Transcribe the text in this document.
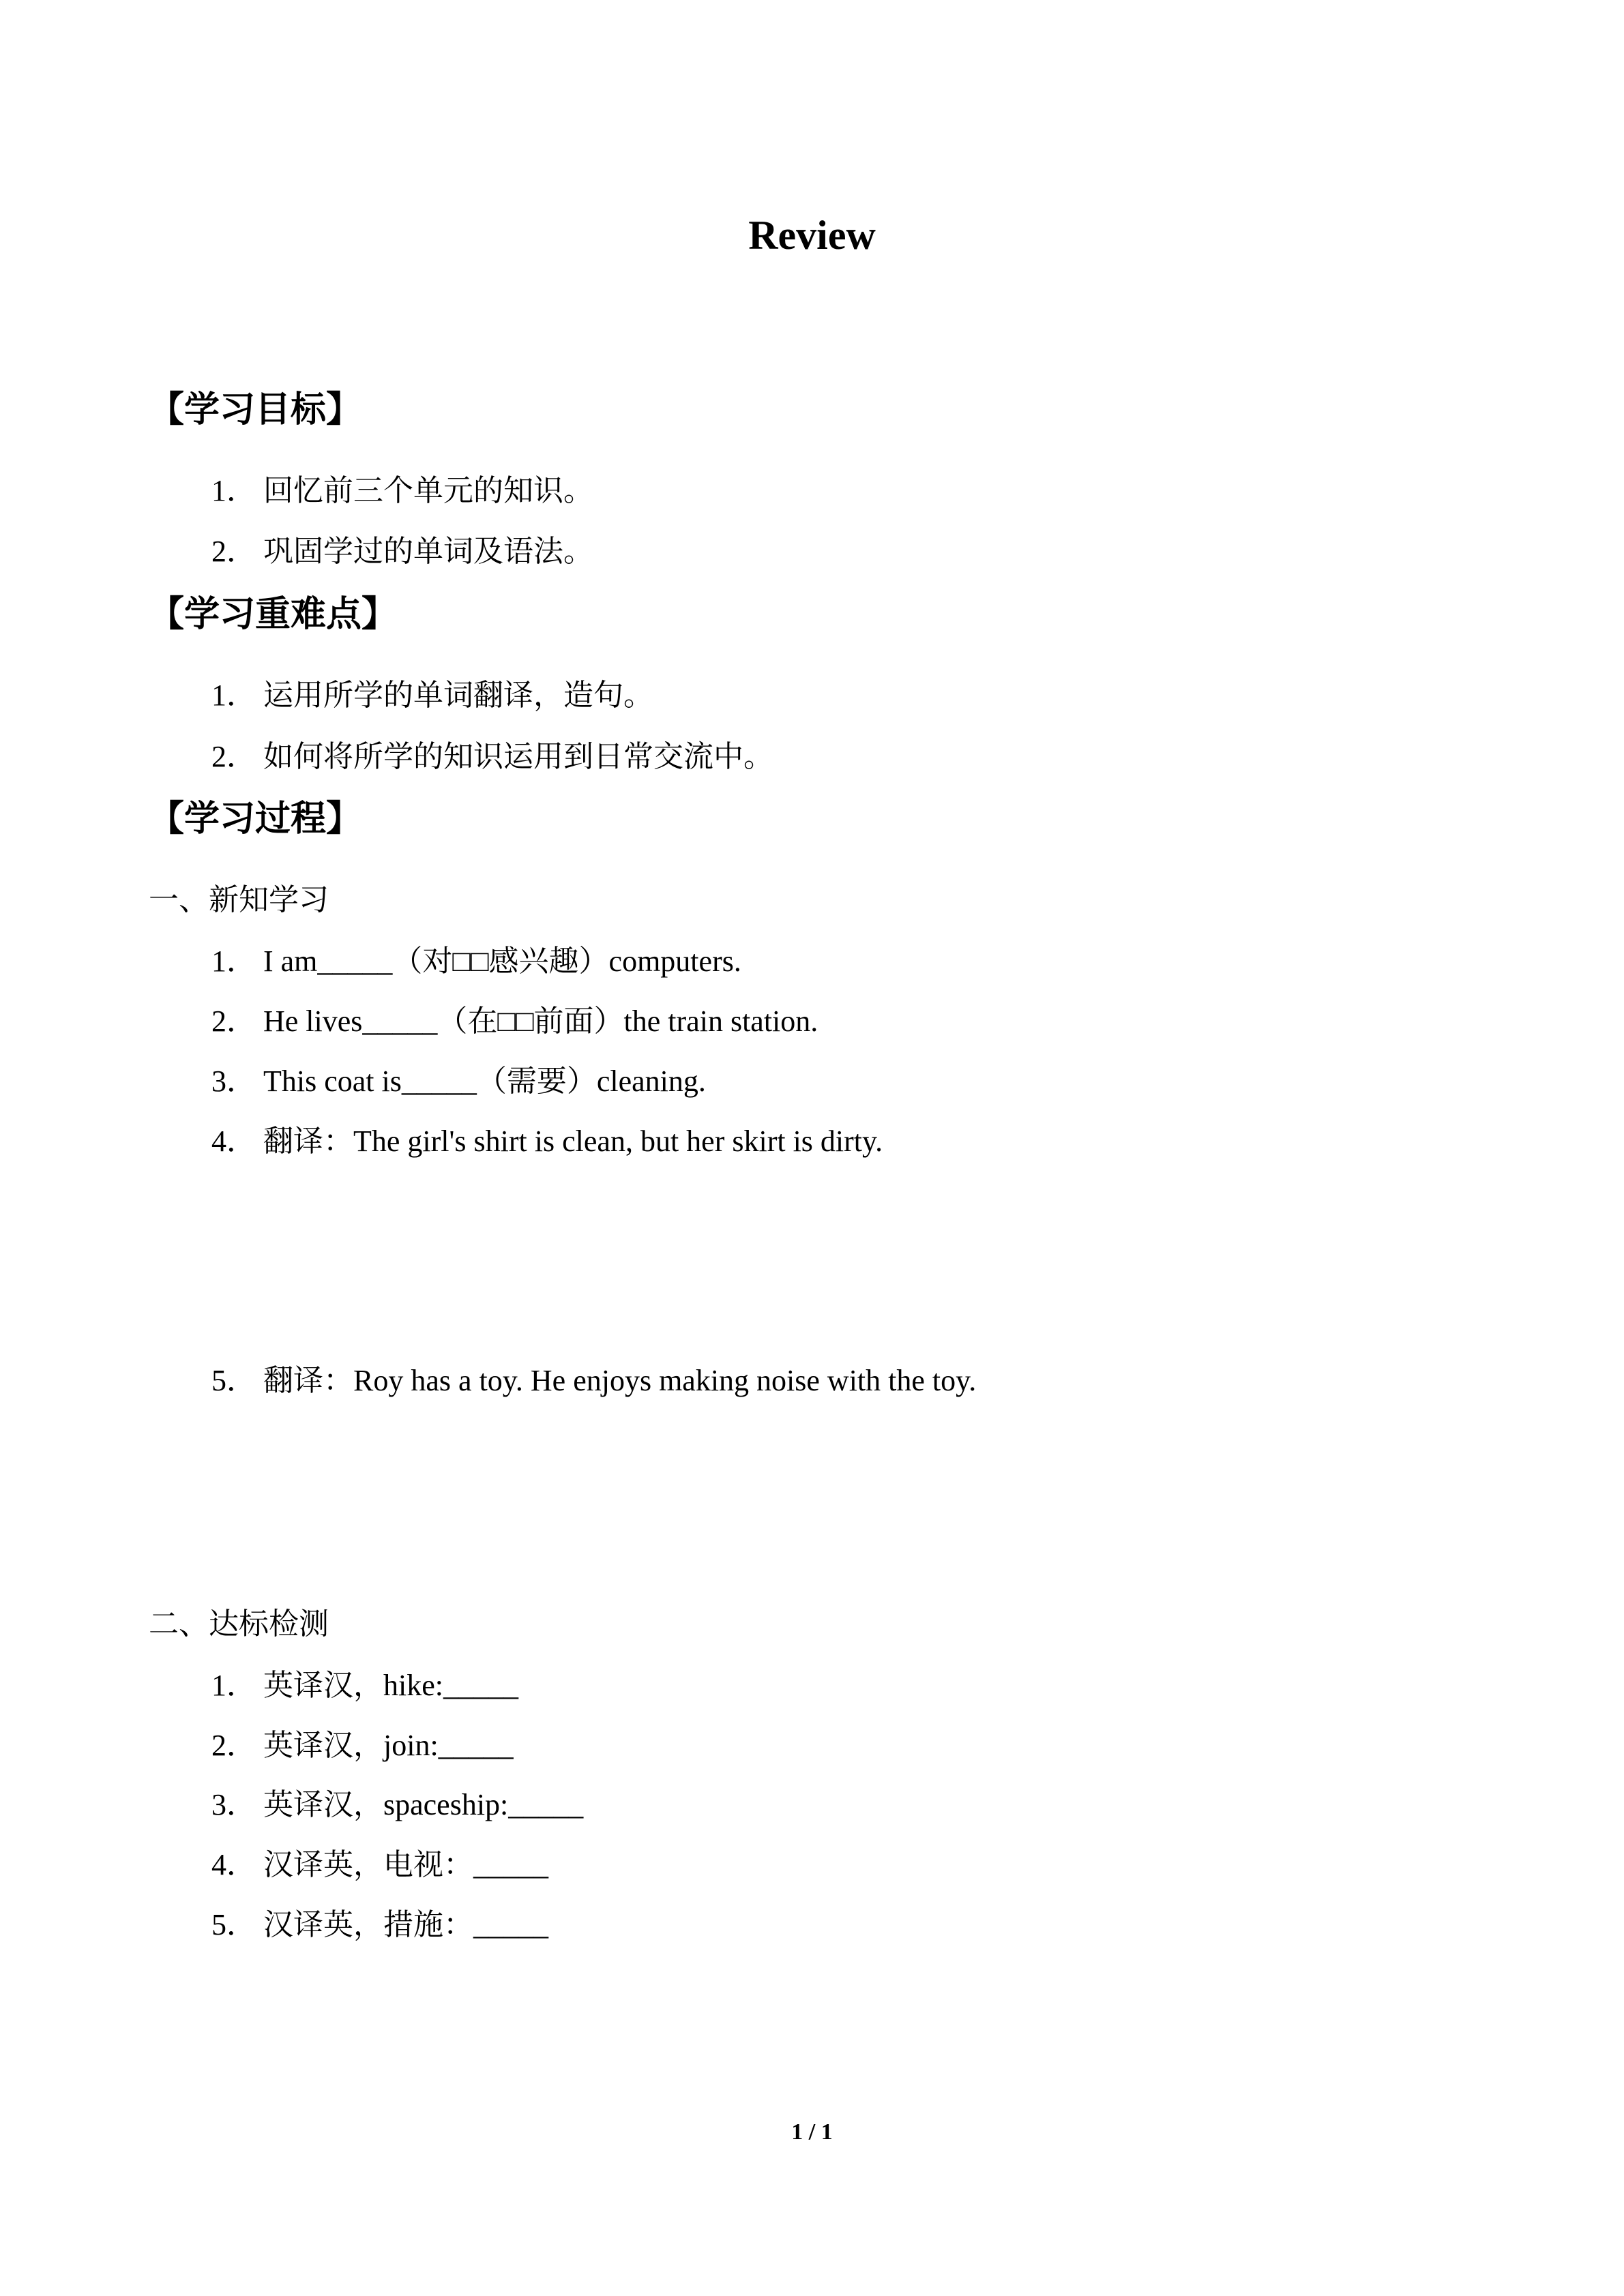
Review
【学习目标】
1． 回忆前三个单元的知识。
2． 巩固学过的单词及语法。
【学习重难点】
1． 运用所学的单词翻译，造句。
2． 如何将所学的知识运用到日常交流中。
【学习过程】
一、新知学习
1． I am_____（对□□感兴趣）computers.
2． He lives_____（在□□前面）the train station.
3． This coat is_____（需要）cleaning.
4． 翻译：The girl's shirt is clean, but her skirt is dirty.
5． 翻译：Roy has a toy. He enjoys making noise with the toy.
二、达标检测
1． 英译汉，hike:_____
2． 英译汉，join:_____
3． 英译汉，spaceship:_____
4． 汉译英，电视：_____
5． 汉译英，措施：_____
1 / 1
